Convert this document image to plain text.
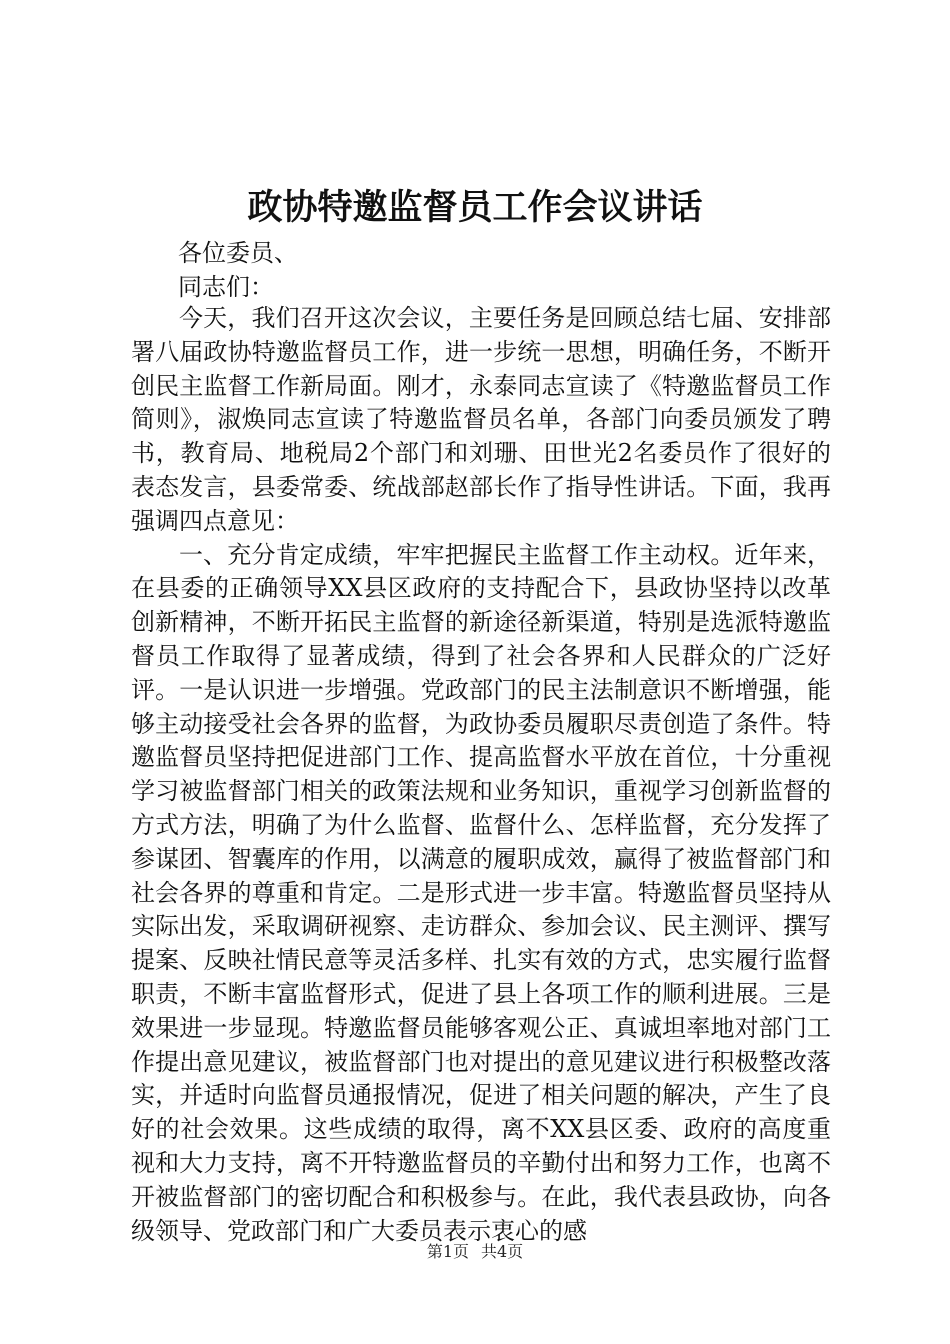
政协特邀监督员工作会议讲话

各位委员、

同志们：

今天，我们召开这次会议，主要任务是回顾总结七届、安排部署八届政协特邀监督员工作，进一步统一思想，明确任务，不断开创民主监督工作新局面。刚才，永泰同志宣读了《特邀监督员工作简则》，淑焕同志宣读了特邀监督员名单，各部门向委员颁发了聘书，教育局、地税局2个部门和刘珊、田世光2名委员作了很好的表态发言，县委常委、统战部赵部长作了指导性讲话。下面，我再强调四点意见：

一、充分肯定成绩，牢牢把握民主监督工作主动权。近年来，在县委的正确领导XX县区政府的支持配合下，县政协坚持以改革创新精神，不断开拓民主监督的新途径新渠道，特别是选派特邀监督员工作取得了显著成绩，得到了社会各界和人民群众的广泛好评。一是认识进一步增强。党政部门的民主法制意识不断增强，能够主动接受社会各界的监督，为政协委员履职尽责创造了条件。特邀监督员坚持把促进部门工作、提高监督水平放在首位，十分重视学习被监督部门相关的政策法规和业务知识，重视学习创新监督的方式方法，明确了为什么监督、监督什么、怎样监督，充分发挥了参谋团、智囊库的作用，以满意的履职成效，赢得了被监督部门和社会各界的尊重和肯定。二是形式进一步丰富。特邀监督员坚持从实际出发，采取调研视察、走访群众、参加会议、民主测评、撰写提案、反映社情民意等灵活多样、扎实有效的方式，忠实履行监督职责，不断丰富监督形式，促进了县上各项工作的顺利进展。三是效果进一步显现。特邀监督员能够客观公正、真诚坦率地对部门工作提出意见建议，被监督部门也对提出的意见建议进行积极整改落实，并适时向监督员通报情况，促进了相关问题的解决，产生了良好的社会效果。这些成绩的取得，离不XX县区委、政府的高度重视和大力支持，离不开特邀监督员的辛勤付出和努力工作，也离不开被监督部门的密切配合和积极参与。在此，我代表县政协，向各级领导、党政部门和广大委员表示衷心的感

第1页 共4页
